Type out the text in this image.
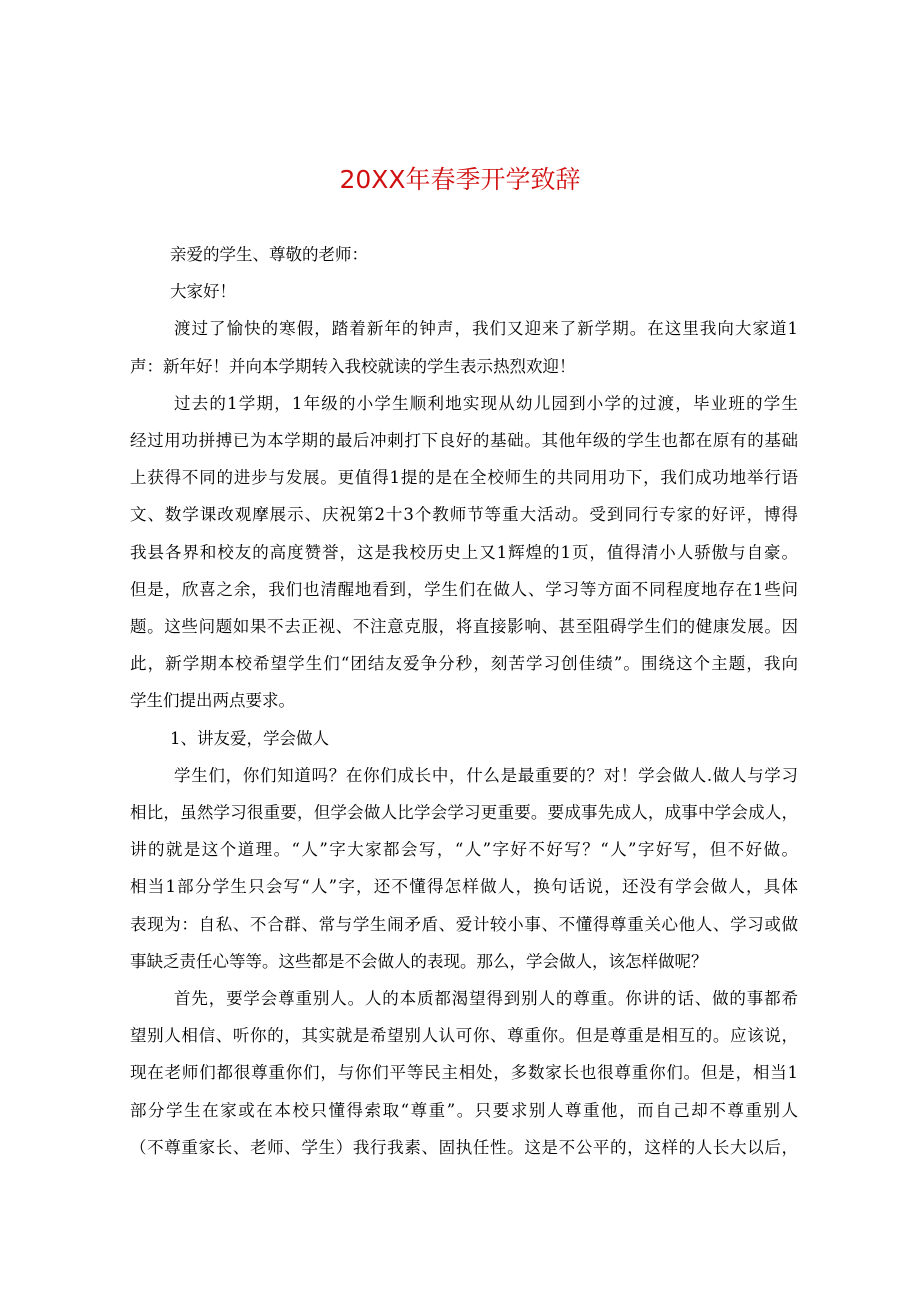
20XX年春季开学致辞
亲爱的学生、尊敬的老师：
大家好！
渡过了愉快的寒假，踏着新年的钟声，我们又迎来了新学期。在这里我向大家道1
声：新年好！并向本学期转入我校就读的学生表示热烈欢迎！
过去的1学期，1年级的小学生顺利地实现从幼儿园到小学的过渡，毕业班的学生
经过用功拼搏已为本学期的最后冲刺打下良好的基础。其他年级的学生也都在原有的基础
上获得不同的进步与发展。更值得1提的是在全校师生的共同用功下，我们成功地举行语
文、数学课改观摩展示、庆祝第2十3个教师节等重大活动。受到同行专家的好评，博得
我县各界和校友的高度赞誉，这是我校历史上又1辉煌的1页，值得清小人骄傲与自豪。
但是，欣喜之余，我们也清醒地看到，学生们在做人、学习等方面不同程度地存在1些问
题。这些问题如果不去正视、不注意克服，将直接影响、甚至阻碍学生们的健康发展。因
此，新学期本校希望学生们“团结友爱争分秒，刻苦学习创佳绩”。围绕这个主题，我向
学生们提出两点要求。
1、讲友爱，学会做人
学生们，你们知道吗？在你们成长中，什么是最重要的？对！学会做人.做人与学习
相比，虽然学习很重要，但学会做人比学会学习更重要。要成事先成人，成事中学会成人，
讲的就是这个道理。“人”字大家都会写，“人”字好不好写？“人”字好写，但不好做。
相当1部分学生只会写“人”字，还不懂得怎样做人，换句话说，还没有学会做人，具体
表现为：自私、不合群、常与学生闹矛盾、爱计较小事、不懂得尊重关心他人、学习或做
事缺乏责任心等等。这些都是不会做人的表现。那么，学会做人，该怎样做呢？
首先，要学会尊重别人。人的本质都渴望得到别人的尊重。你讲的话、做的事都希
望别人相信、听你的，其实就是希望别人认可你、尊重你。但是尊重是相互的。应该说，
现在老师们都很尊重你们，与你们平等民主相处，多数家长也很尊重你们。但是，相当1
部分学生在家或在本校只懂得索取“尊重”。只要求别人尊重他，而自己却不尊重别人
（不尊重家长、老师、学生）我行我素、固执任性。这是不公平的，这样的人长大以后，
